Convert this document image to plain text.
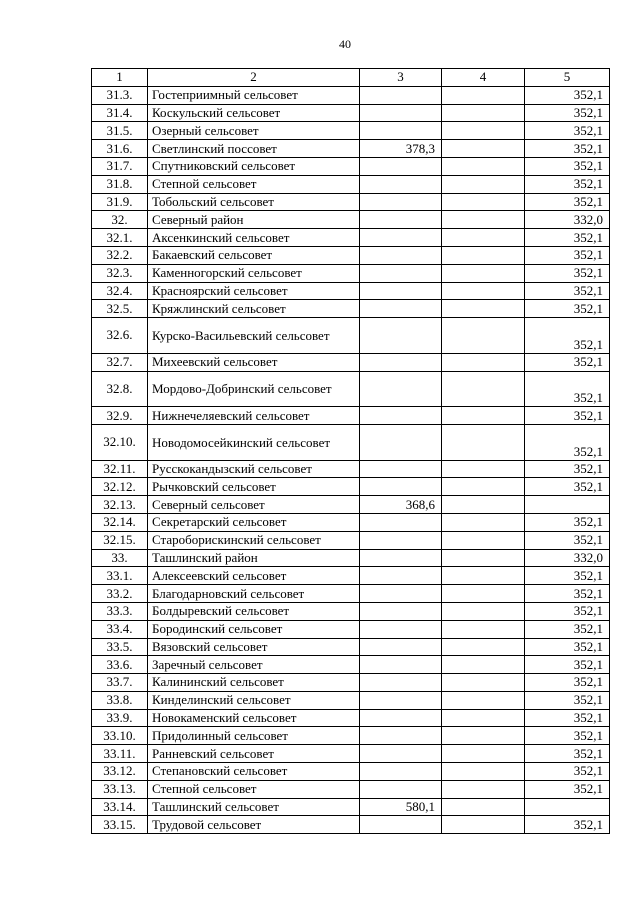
40
1	2	3	4	5
31.3.	Гостеприимный сельсовет			352,1
31.4.	Коскульский сельсовет			352,1
31.5.	Озерный сельсовет			352,1
31.6.	Светлинский поссовет	378,3		352,1
31.7.	Спутниковский сельсовет			352,1
31.8.	Степной сельсовет			352,1
31.9.	Тобольский сельсовет			352,1
32.	Северный район			332,0
32.1.	Аксенкинский сельсовет			352,1
32.2.	Бакаевский сельсовет			352,1
32.3.	Каменногорский сельсовет			352,1
32.4.	Красноярский сельсовет			352,1
32.5.	Кряжлинский сельсовет			352,1
32.6.	Курско-Васильевский сельсовет			352,1
32.7.	Михеевский сельсовет			352,1
32.8.	Мордово-Добринский сельсовет			352,1
32.9.	Нижнечеляевский сельсовет			352,1
32.10.	Новодомосейкинский сельсовет			352,1
32.11.	Русскокандызский сельсовет			352,1
32.12.	Рычковский сельсовет			352,1
32.13.	Северный сельсовет	368,6		
32.14.	Секретарский сельсовет			352,1
32.15.	Староборискинский сельсовет			352,1
33.	Ташлинский район			332,0
33.1.	Алексеевский сельсовет			352,1
33.2.	Благодарновский сельсовет			352,1
33.3.	Болдыревский сельсовет			352,1
33.4.	Бородинский сельсовет			352,1
33.5.	Вязовский сельсовет			352,1
33.6.	Заречный сельсовет			352,1
33.7.	Калининский сельсовет			352,1
33.8.	Кинделинский сельсовет			352,1
33.9.	Новокаменский сельсовет			352,1
33.10.	Придолинный сельсовет			352,1
33.11.	Ранневский сельсовет			352,1
33.12.	Степановский сельсовет			352,1
33.13.	Степной сельсовет			352,1
33.14.	Ташлинский сельсовет	580,1		
33.15.	Трудовой сельсовет			352,1
